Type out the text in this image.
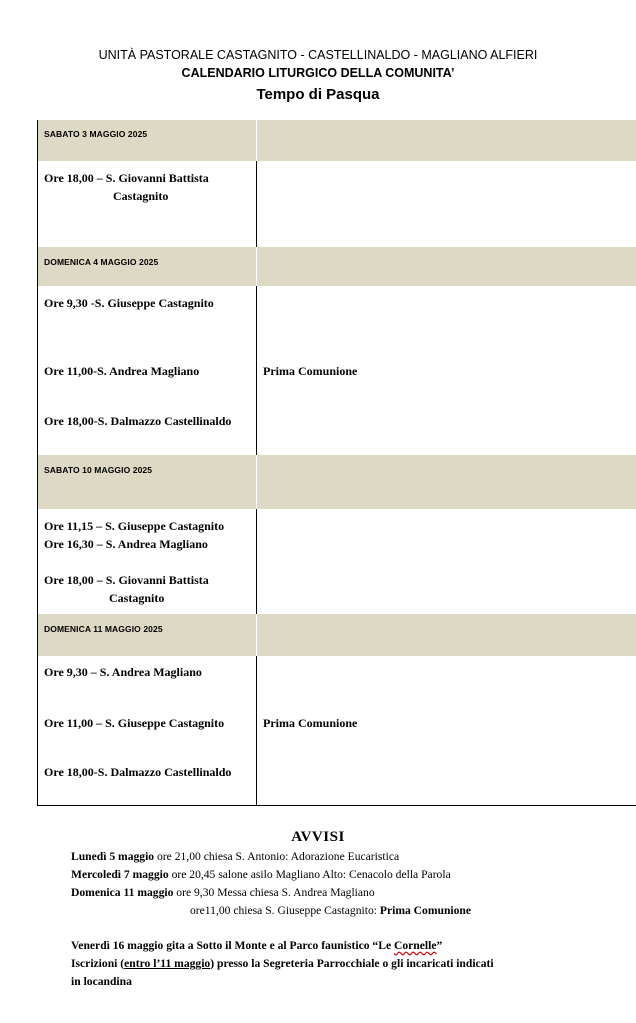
UNITÀ PASTORALE CASTAGNITO - CASTELLINALDO - MAGLIANO ALFIERI
CALENDARIO LITURGICO DELLA COMUNITA’
Tempo di Pasqua
SABATO 3 MAGGIO 2025
Ore 18,00 – S. Giovanni Battista
Castagnito
DOMENICA 4 MAGGIO 2025
Ore 9,30 -S. Giuseppe Castagnito
Ore 11,00-S. Andrea Magliano	Prima Comunione
Ore 18,00-S. Dalmazzo Castellinaldo
SABATO 10 MAGGIO 2025
Ore 11,15 – S. Giuseppe Castagnito
Ore 16,30 – S. Andrea Magliano
Ore 18,00 – S. Giovanni Battista
Castagnito
DOMENICA 11 MAGGIO 2025
Ore 9,30 – S. Andrea Magliano
Ore 11,00 – S. Giuseppe Castagnito	Prima Comunione
Ore 18,00-S. Dalmazzo Castellinaldo
AVVISI
Lunedì 5 maggio ore 21,00 chiesa S. Antonio: Adorazione Eucaristica
Mercoledì 7 maggio ore 20,45 salone asilo Magliano Alto: Cenacolo della Parola
Domenica 11 maggio ore 9,30 Messa chiesa S. Andrea Magliano
ore11,00 chiesa S. Giuseppe Castagnito: Prima Comunione
Venerdì 16 maggio gita a Sotto il Monte e al Parco faunistico “Le Cornelle”
Iscrizioni (entro l’11 maggio) presso la Segreteria Parrocchiale o gli incaricati indicati
in locandina
